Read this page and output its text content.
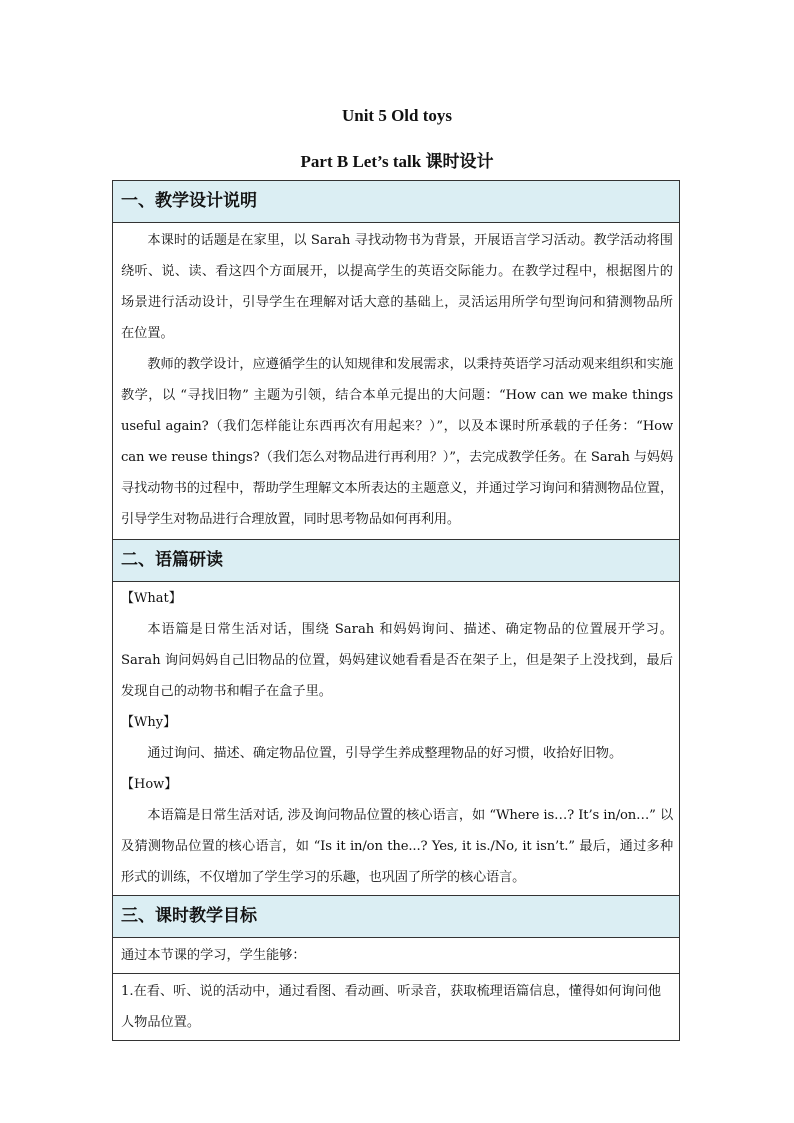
Unit 5 Old toys
Part B Let’s talk 课时设计
一、教学设计说明

本课时的话题是在家里，以 Sarah 寻找动物书为背景，开展语言学习活动。教学活动将围绕听、说、读、看这四个方面展开，以提高学生的英语交际能力。在教学过程中，根据图片的场景进行活动设计，引导学生在理解对话大意的基础上，灵活运用所学句型询问和猜测物品所在位置。

教师的教学设计，应遵循学生的认知规律和发展需求，以秉持英语学习活动观来组织和实施教学，以 “寻找旧物” 主题为引领，结合本单元提出的大问题：“How can we make things useful again?（我们怎样能让东西再次有用起来？）”，以及本课时所承载的子任务：“How can we reuse things?（我们怎么对物品进行再利用？）”，去完成教学任务。在 Sarah 与妈妈寻找动物书的过程中，帮助学生理解文本所表达的主题意义，并通过学习询问和猜测物品位置，引导学生对物品进行合理放置，同时思考物品如何再利用。

二、语篇研读

【What】

本语篇是日常生活对话，围绕 Sarah 和妈妈询问、描述、确定物品的位置展开学习。Sarah 询问妈妈自己旧物品的位置，妈妈建议她看看是否在架子上，但是架子上没找到，最后发现自己的动物书和帽子在盒子里。

【Why】

通过询问、描述、确定物品位置，引导学生养成整理物品的好习惯，收拾好旧物。

【How】

本语篇是日常生活对话, 涉及询问物品位置的核心语言，如 “Where is…? It’s in/on…” 以及猜测物品位置的核心语言，如 “Is it in/on the...? Yes, it is./No, it isn’t.” 最后，通过多种形式的训练，不仅增加了学生学习的乐趣，也巩固了所学的核心语言。

三、课时教学目标

通过本节课的学习，学生能够：

1.在看、听、说的活动中，通过看图、看动画、听录音，获取梳理语篇信息，懂得如何询问他人物品位置。
